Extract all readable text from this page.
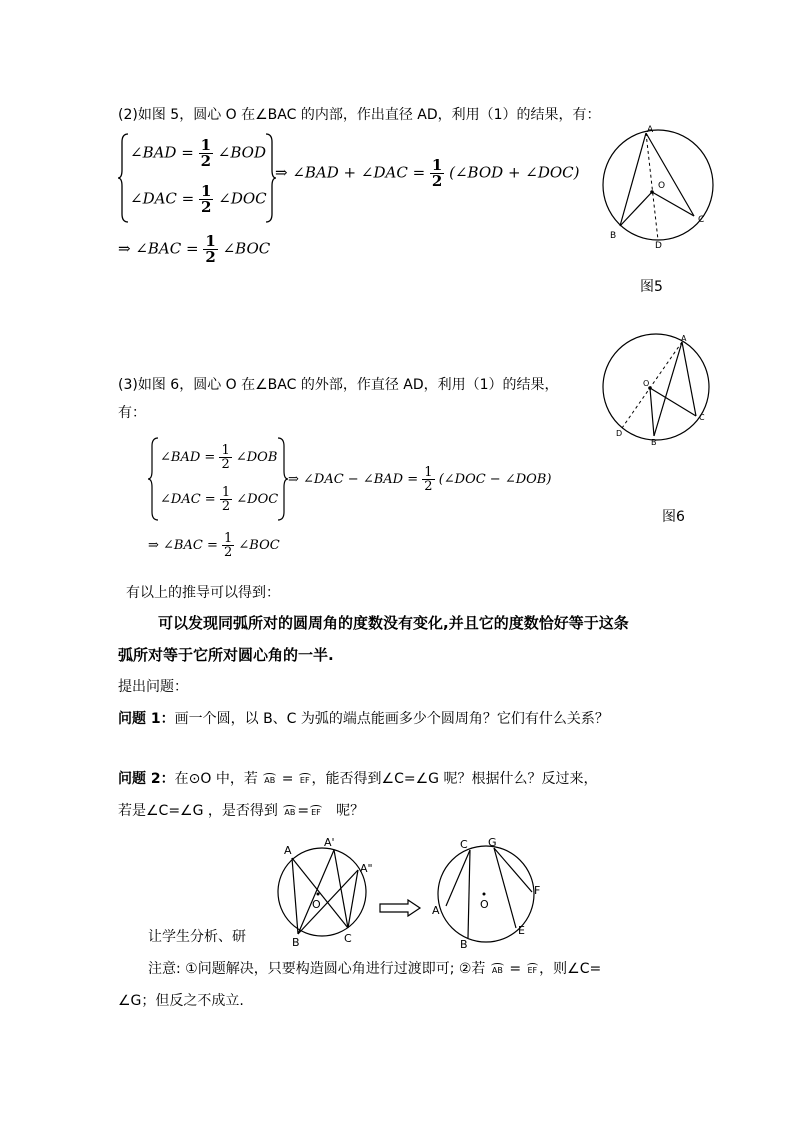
(2)如图 5，圆心 O 在∠BAC 的内部，作出直径 AD，利用（1）的结果，有：
∠BAD = $\frac{1}{2}$ ∠BOD
∠DAC = $\frac{1}{2}$ ∠DOC
⇒ ∠BAD + ∠DAC = $\frac{1}{2}$ (∠BOD + ∠DOC)
⇒ ∠BAC = $\frac{1}{2}$ ∠BOC
A
O
B
C
D
图5
(3)如图 6，圆心 O 在∠BAC 的外部，作直径 AD，利用（1）的结果，
有：
∠BAD = $\frac{1}{2}$ ∠DOB
∠DAC = $\frac{1}{2}$ ∠DOC
⇒ ∠DAC − ∠BAD = $\frac{1}{2}$ (∠DOC − ∠DOB)
⇒ ∠BAC = $\frac{1}{2}$ ∠BOC
A
O
B
C
D
图6
有以上的推导可以得到：
可以发现同弧所对的圆周角的度数没有变化,并且它的度数恰好等于这条
弧所对等于它所对圆心角的一半.
提出问题：
问题 1：画一个圆，以 B、C 为弧的端点能画多少个圆周角？它们有什么关系？
问题 2：在⊙O 中，若 AB = EF ，能否得到∠C=∠G 呢？根据什么？反过来，
若是∠C=∠G ，是否得到 AB = EF 呢？
A
A'
A"
O
B	C
C G
F
A	O
B
E
让学生分析、研
注意: ①问题解决，只要构造圆心角进行过渡即可; ②若 AB = EF ，则∠C=
∠G；但反之不成立.
